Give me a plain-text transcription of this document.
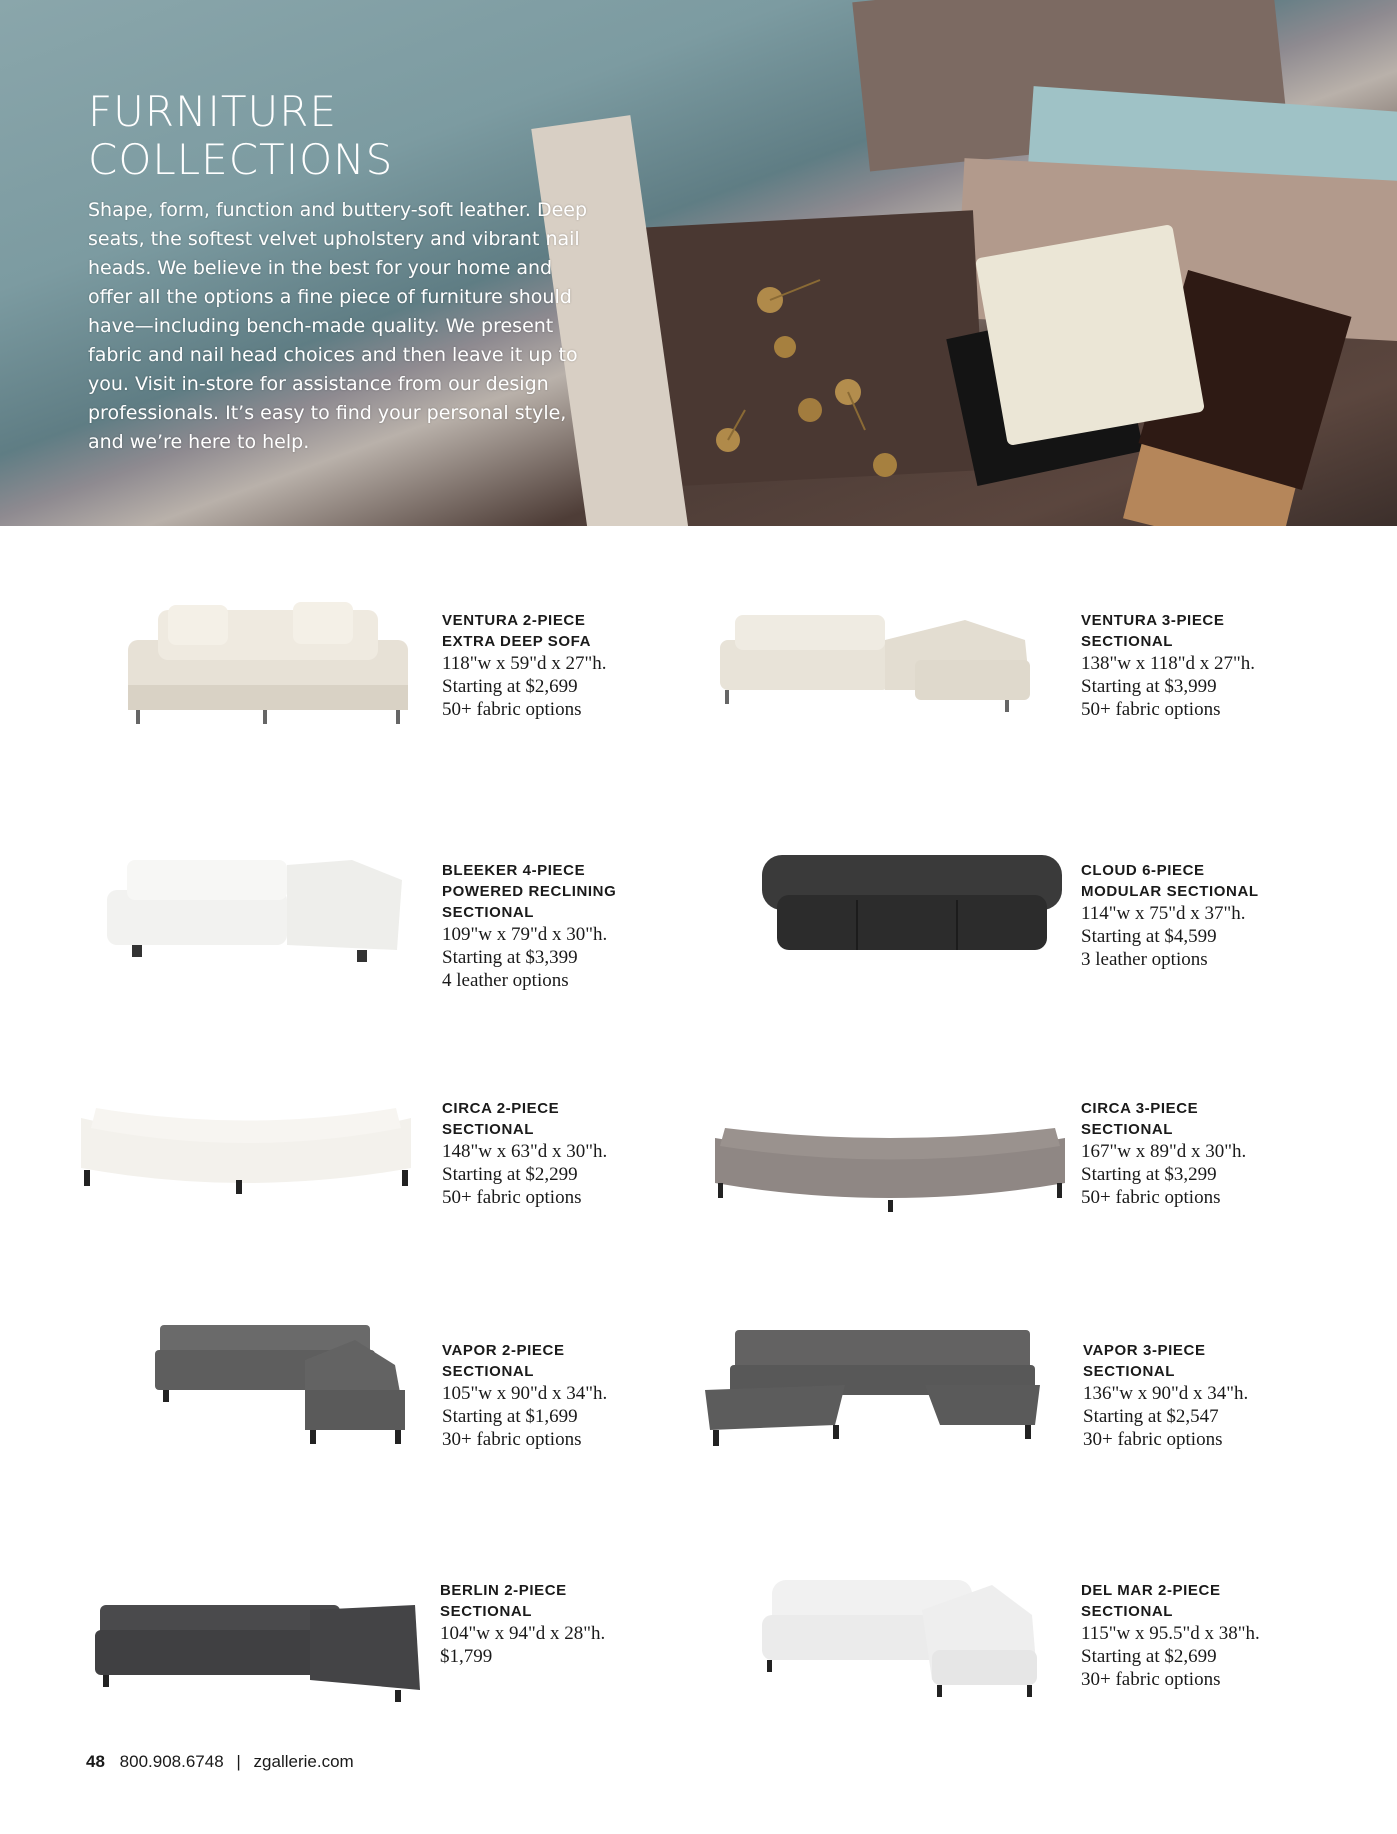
FURNITURE
COLLECTIONS

Shape, form, function and buttery-soft leather. Deep seats, the softest velvet upholstery and vibrant nail heads. We believe in the best for your home and offer all the options a fine piece of furniture should have—including bench-made quality. We present fabric and nail head choices and then leave it up to you. Visit in-store for assistance from our design professionals. It’s easy to find your personal style, and we’re here to help.

VENTURA 2-PIECE
EXTRA DEEP SOFA

118"w x 59"d x 27"h.
Starting at $2,699
50+ fabric options

VENTURA 3-PIECE
SECTIONAL

138"w x 118"d x 27"h.
Starting at $3,999
50+ fabric options

BLEEKER 4-PIECE
POWERED RECLINING
SECTIONAL

109"w x 79"d x 30"h.
Starting at $3,399
4 leather options

CLOUD 6-PIECE
MODULAR SECTIONAL

114"w x 75"d x 37"h.
Starting at $4,599
3 leather options

CIRCA 2-PIECE
SECTIONAL

148"w x 63"d x 30"h.
Starting at $2,299
50+ fabric options

CIRCA 3-PIECE
SECTIONAL

167"w x 89"d x 30"h.
Starting at $3,299
50+ fabric options

VAPOR 2-PIECE
SECTIONAL

105"w x 90"d x 34"h.
Starting at $1,699
30+ fabric options

VAPOR 3-PIECE
SECTIONAL

136"w x 90"d x 34"h.
Starting at $2,547
30+ fabric options

BERLIN 2-PIECE
SECTIONAL

104"w x 94"d x 28"h.
$1,799

DEL MAR 2-PIECE
SECTIONAL

115"w x 95.5"d x 38"h.
Starting at $2,699
30+ fabric options
48 800.908.6748 | zgallerie.com
